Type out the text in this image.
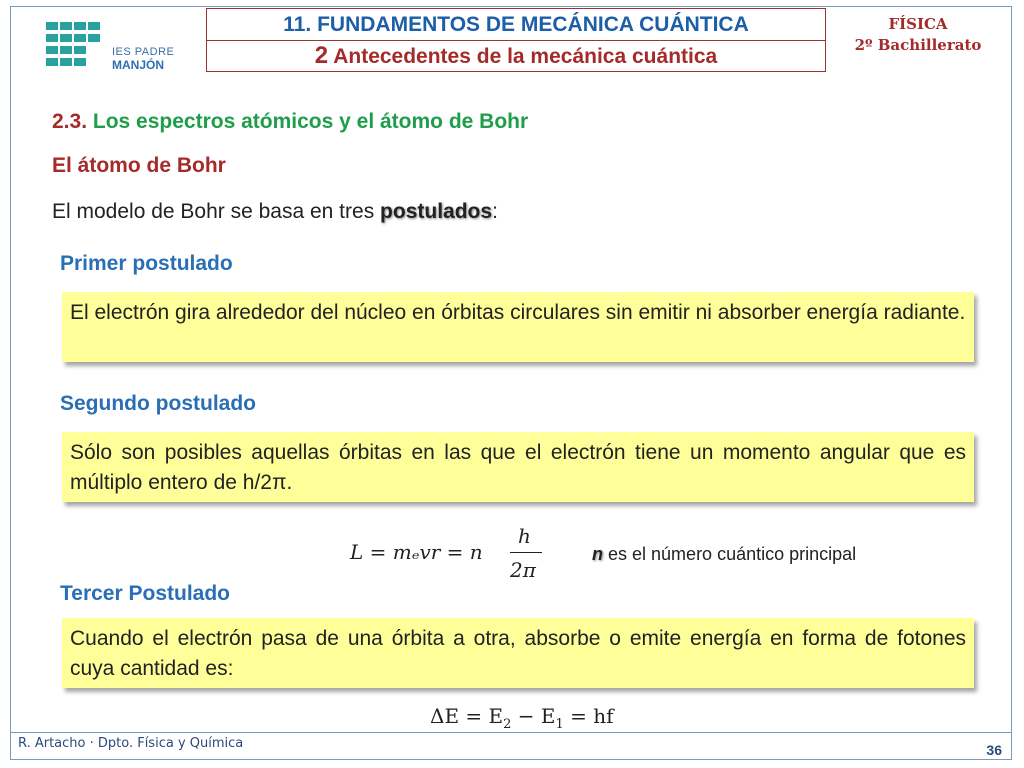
IES PADRE
MANJÓN
11. FUNDAMENTOS DE MECÁNICA CUÁNTICA
2 Antecedentes de la mecánica cuántica
FÍSICA
2º Bachillerato
2.3. Los espectros atómicos y el átomo de Bohr
El átomo de Bohr
El modelo de Bohr se basa en tres postulados:
Primer postulado
El electrón gira alrededor del núcleo en órbitas circulares sin emitir ni absorber energía radiante.
Segundo postulado
Sólo son posibles aquellas órbitas en las que el electrón tiene un momento angular que es múltiplo entero de h/2π.
L = mₑvr = n
h
2π
n es el número cuántico principal
Tercer Postulado
Cuando el electrón pasa de una órbita a otra, absorbe o emite energía en forma de fotones cuya cantidad es:
$\Delta E = E_2 - E_1$ = hf
R. Artacho · Dpto. Física y Química	36
